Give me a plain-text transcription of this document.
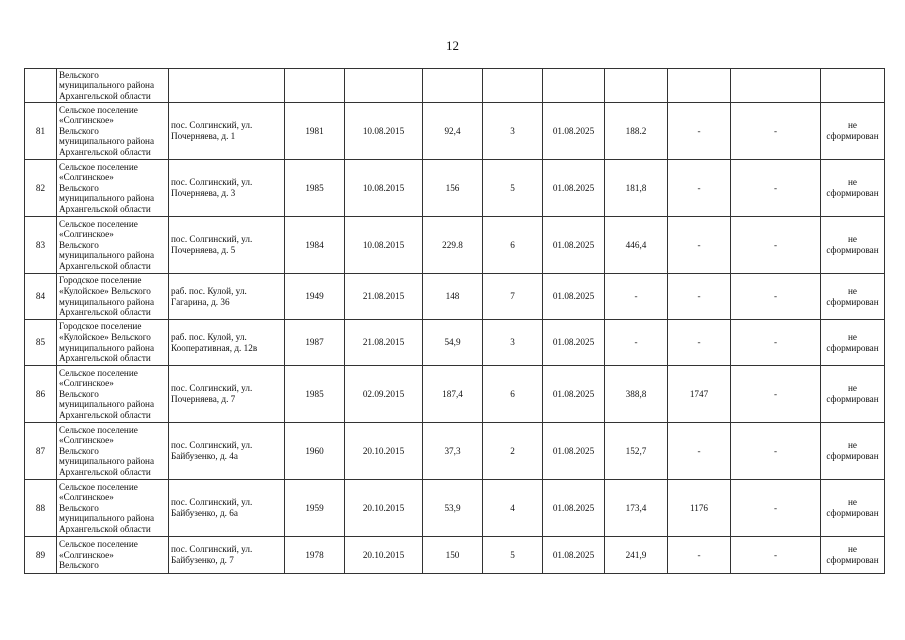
12

	Вельского
муниципального района
Архангельской области										

81	Сельское поселение
«Солгинское»
Вельского
муниципального района
Архангельской области	пос. Солгинский, ул.
Почерняева, д. 1	1981	10.08.2015	92,4	3	01.08.2025	188.2	-	-	не
сформирован

82	Сельское поселение
«Солгинское»
Вельского
муниципального района
Архангельской области	пос. Солгинский, ул.
Почерняева, д. 3	1985	10.08.2015	156	5	01.08.2025	181,8	-	-	не
сформирован

83	Сельское поселение
«Солгинское»
Вельского
муниципального района
Архангельской области	пос. Солгинский, ул.
Почерняева, д. 5	1984	10.08.2015	229.8	6	01.08.2025	446,4	-	-	не
сформирован

84	Городское поселение
«Кулойское» Вельского
муниципального района
Архангельской области	раб. пос. Кулой, ул.
Гагарина, д. 36	1949	21.08.2015	148	7	01.08.2025	-	-	-	не
сформирован

85	Городское поселение
«Кулойское» Вельского
муниципального района
Архангельской области	раб. пос. Кулой, ул.
Кооперативная, д. 12в	1987	21.08.2015	54,9	3	01.08.2025	-	-	-	не
сформирован

86	Сельское поселение
«Солгинское»
Вельского
муниципального района
Архангельской области	пос. Солгинский, ул.
Почерняева, д. 7	1985	02.09.2015	187,4	6	01.08.2025	388,8	1747	-	не
сформирован

87	Сельское поселение
«Солгинское»
Вельского
муниципального района
Архангельской области	пос. Солгинский, ул.
Байбузенко, д. 4а	1960	20.10.2015	37,3	2	01.08.2025	152,7	-	-	не
сформирован

88	Сельское поселение
«Солгинское»
Вельского
муниципального района
Архангельской области	пос. Солгинский, ул.
Байбузенко, д. 6а	1959	20.10.2015	53,9	4	01.08.2025	173,4	1176	-	не
сформирован

89	Сельское поселение
«Солгинское»
Вельского	пос. Солгинский, ул.
Байбузенко, д. 7	1978	20.10.2015	150	5	01.08.2025	241,9	-	-	не
сформирован
